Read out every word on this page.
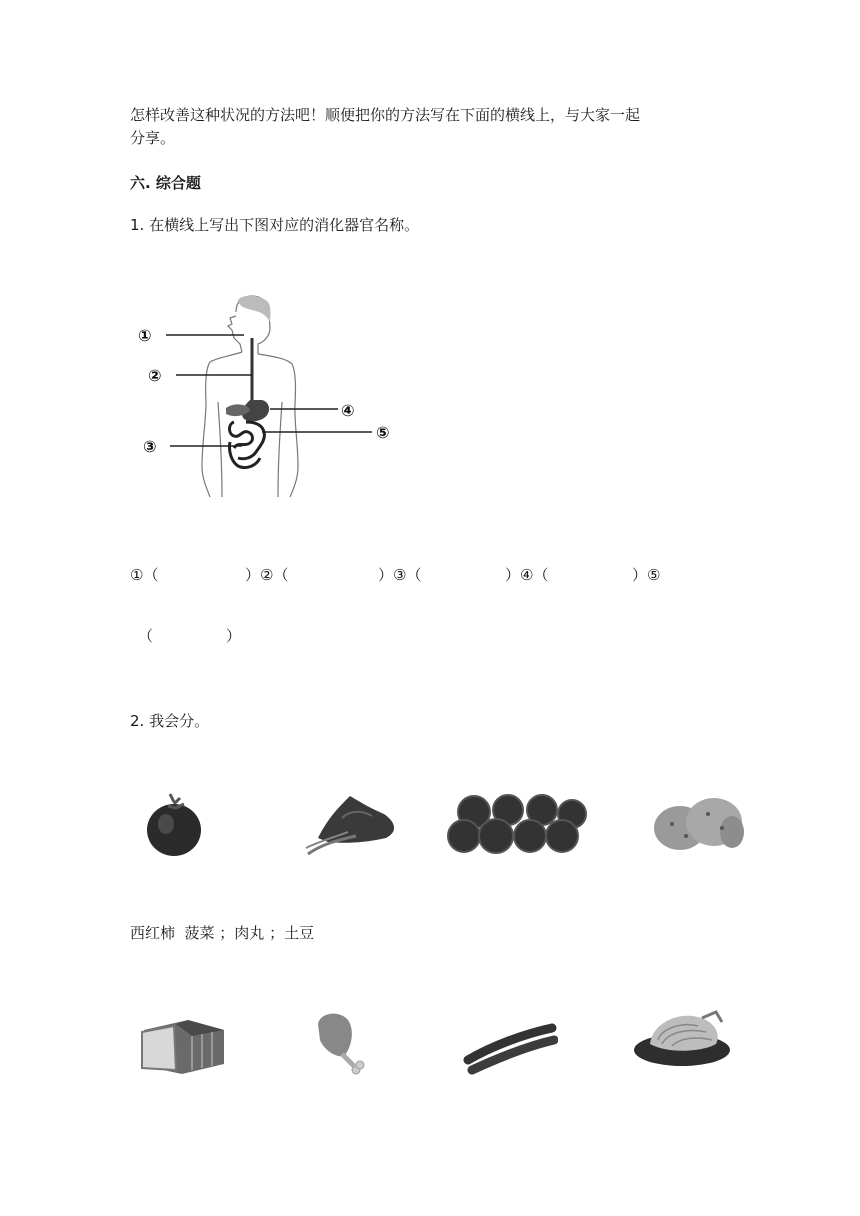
怎样改善这种状况的方法吧！顺便把你的方法写在下面的横线上，与大家一起
分享。
六. 综合题
1. 在横线上写出下图对应的消化器官名称。
①
②
④
⑤
③
①（	）②（	）③（	）④（	）⑤
（	）
2. 我会分。
西红柿  菠菜 ；肉丸 ；土豆
